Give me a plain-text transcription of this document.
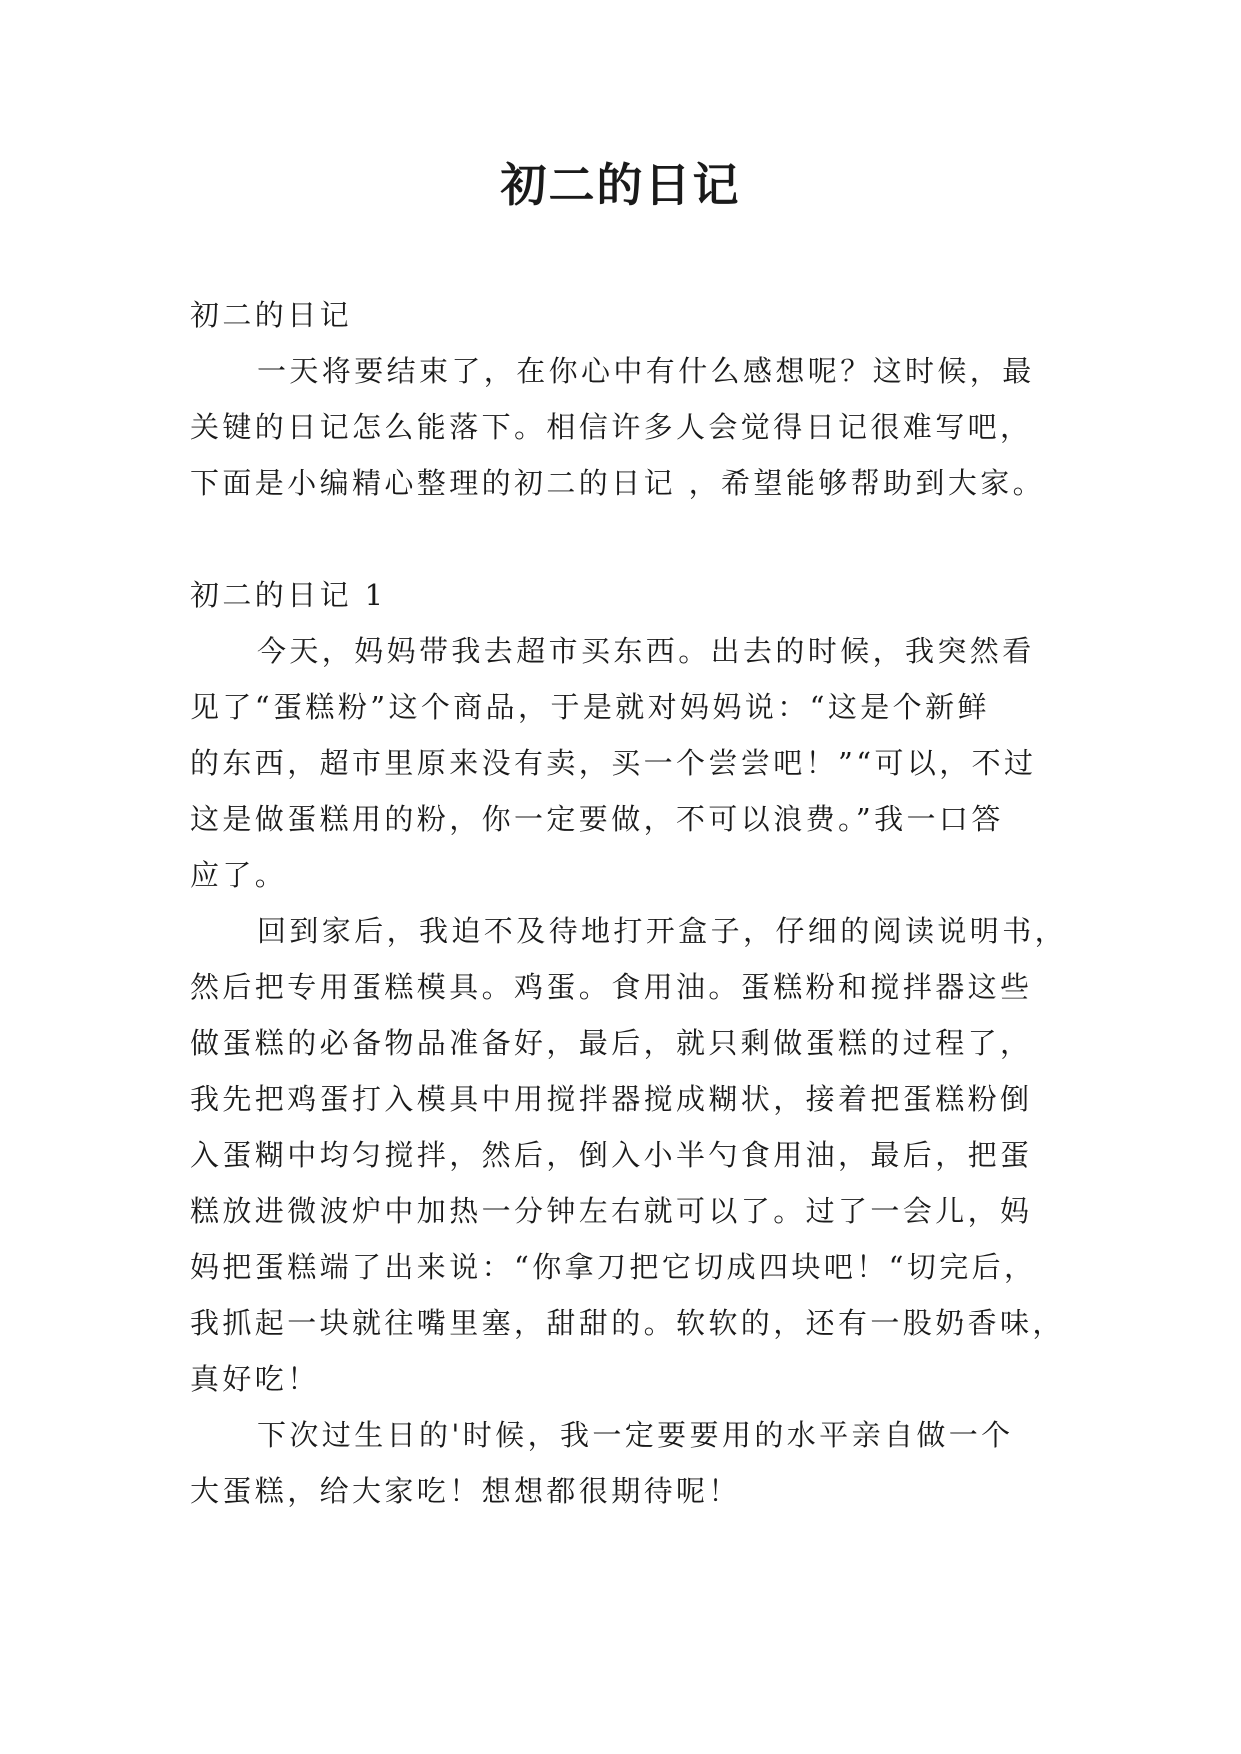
初二的日记

初二的日记

一天将要结束了，在你心中有什么感想呢？这时候，最

关键的日记怎么能落下。相信许多人会觉得日记很难写吧，

下面是小编精心整理的初二的日记 ，希望能够帮助到大家。

初二的日记 1

今天，妈妈带我去超市买东西。出去的时候，我突然看

见了“蛋糕粉”这个商品，于是就对妈妈说：“这是个新鲜

的东西，超市里原来没有卖，买一个尝尝吧！”“可以，不过

这是做蛋糕用的粉，你一定要做，不可以浪费。”我一口答

应了。

回到家后，我迫不及待地打开盒子，仔细的阅读说明书，

然后把专用蛋糕模具。鸡蛋。食用油。蛋糕粉和搅拌器这些

做蛋糕的必备物品准备好，最后，就只剩做蛋糕的过程了，

我先把鸡蛋打入模具中用搅拌器搅成糊状，接着把蛋糕粉倒

入蛋糊中均匀搅拌，然后，倒入小半勺食用油，最后，把蛋

糕放进微波炉中加热一分钟左右就可以了。过了一会儿，妈

妈把蛋糕端了出来说：“你拿刀把它切成四块吧！“切完后，

我抓起一块就往嘴里塞，甜甜的。软软的，还有一股奶香味，

真好吃！

下次过生日的'时候，我一定要要用的水平亲自做一个

大蛋糕，给大家吃！想想都很期待呢！
